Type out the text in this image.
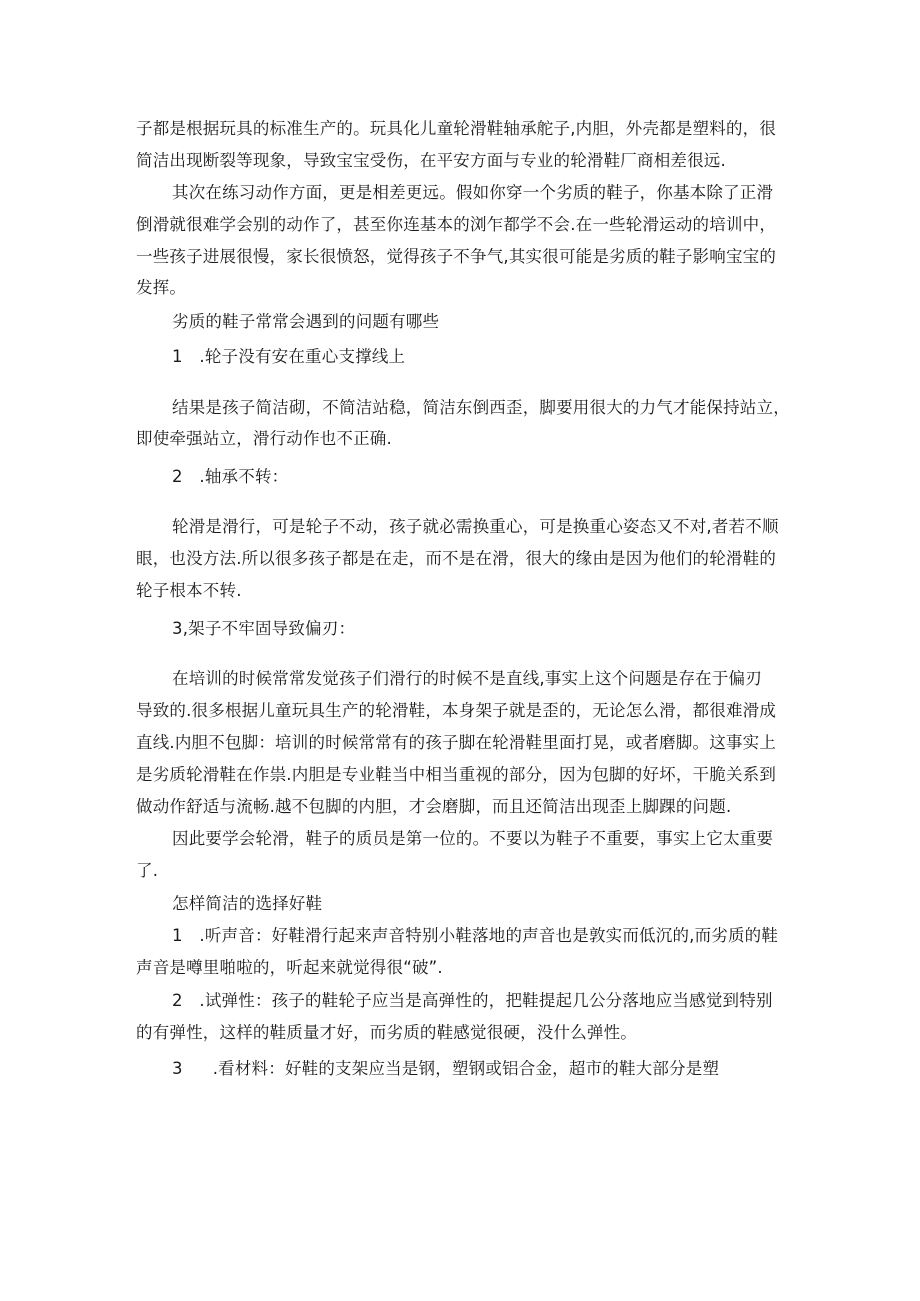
子都是根据玩具的标准生产的。玩具化儿童轮滑鞋轴承舵子,内胆，外壳都是塑料的，很

简洁出现断裂等现象，导致宝宝受伤，在平安方面与专业的轮滑鞋厂商相差很远.

其次在练习动作方面，更是相差更远。假如你穿一个劣质的鞋子，你基本除了正滑

倒滑就很难学会别的动作了，甚至你连基本的浏乍都学不会.在一些轮滑运动的培训中，

一些孩子进展很慢，家长很愤怒，觉得孩子不争气,其实很可能是劣质的鞋子影响宝宝的

发挥。

劣质的鞋子常常会遇到的问题有哪些

1　.轮子没有安在重心支撑线上

结果是孩子简洁砌，不简洁站稳，简洁东倒西歪，脚要用很大的力气才能保持站立，

即使牵强站立，滑行动作也不正确.

2　.轴承不转：

轮滑是滑行，可是轮子不动，孩子就必需换重心，可是换重心姿态又不对,者若不顺

眼，也没方法.所以很多孩子都是在走，而不是在滑，很大的缘由是因为他们的轮滑鞋的

轮子根本不转.

3,架子不牢固导致偏刃：

在培训的时候常常发觉孩子们滑行的时候不是直线,事实上这个问题是存在于偏刃

导致的.很多根据儿童玩具生产的轮滑鞋，本身架子就是歪的，无论怎么滑，都很难滑成

直线.内胆不包脚：培训的时候常常有的孩子脚在轮滑鞋里面打晃，或者磨脚。这事实上

是劣质轮滑鞋在作祟.内胆是专业鞋当中相当重视的部分，因为包脚的好坏，干脆关系到

做动作舒适与流畅.越不包脚的内胆，才会磨脚，而且还简洁出现歪上脚踝的问题.

因此要学会轮滑，鞋子的质员是第一位的。不要以为鞋子不重要，事实上它太重要

了.

怎样简洁的选择好鞋

1　.听声音：好鞋滑行起来声音特别小鞋落地的声音也是敦实而低沉的,而劣质的鞋

声音是噂里啪啦的，听起来就觉得很“破”.

2　.试弹性：孩子的鞋轮子应当是高弹性的，把鞋提起几公分落地应当感觉到特别

的有弹性，这样的鞋质量才好，而劣质的鞋感觉很硬，没什么弹性。

3 .看材料：好鞋的支架应当是钢，塑钢或铝合金，超市的鞋大部分是塑
